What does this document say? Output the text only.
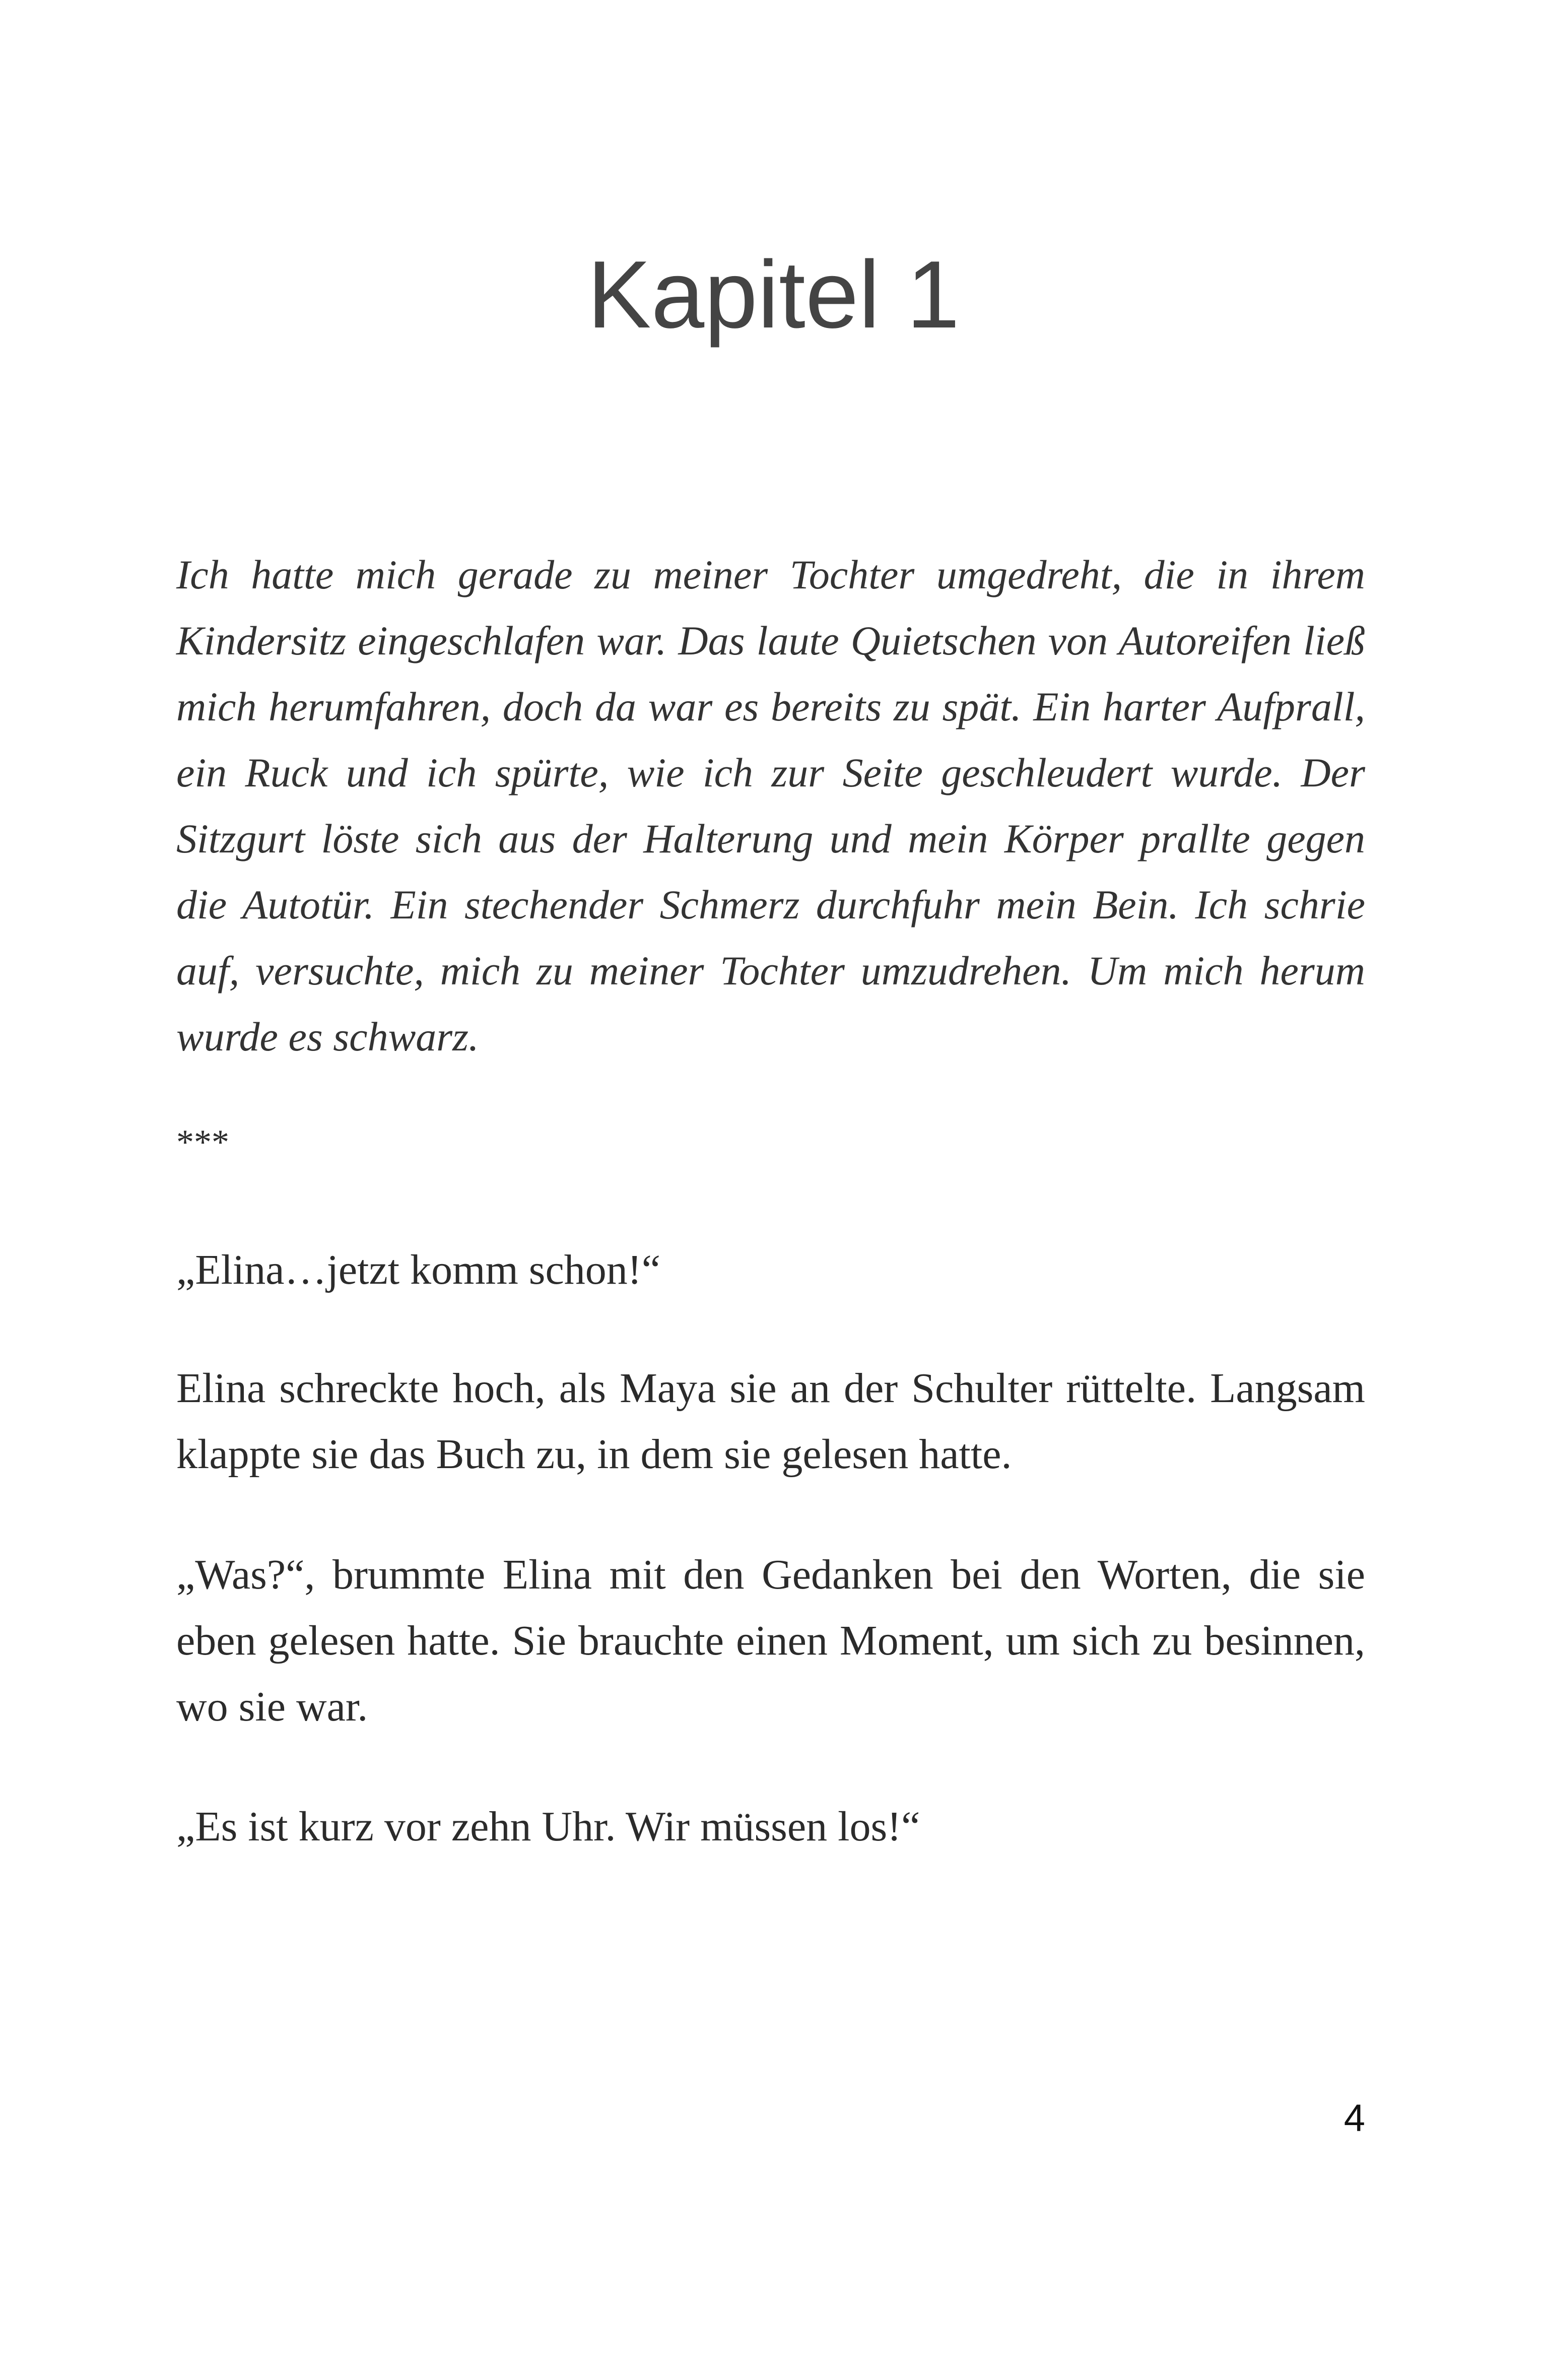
Kapitel 1

Ich hatte mich gerade zu meiner Tochter umgedreht, die in ihrem Kindersitz eingeschlafen war. Das laute Quietschen von Autoreifen ließ mich herumfahren, doch da war es bereits zu spät. Ein harter Aufprall, ein Ruck und ich spürte, wie ich zur Seite geschleudert wurde. Der Sitzgurt löste sich aus der Halterung und mein Körper prallte gegen die Autotür. Ein stechender Schmerz durchfuhr mein Bein. Ich schrie auf, versuchte, mich zu meiner Tochter umzudrehen. Um mich herum wurde es schwarz.

***

„Elina…jetzt komm schon!“

Elina schreckte hoch, als Maya sie an der Schulter rüttelte. Langsam klappte sie das Buch zu, in dem sie gelesen hatte.

„Was?“, brummte Elina mit den Gedanken bei den Worten, die sie eben gelesen hatte. Sie brauchte einen Moment, um sich zu besinnen, wo sie war.

„Es ist kurz vor zehn Uhr. Wir müssen los!“

4
